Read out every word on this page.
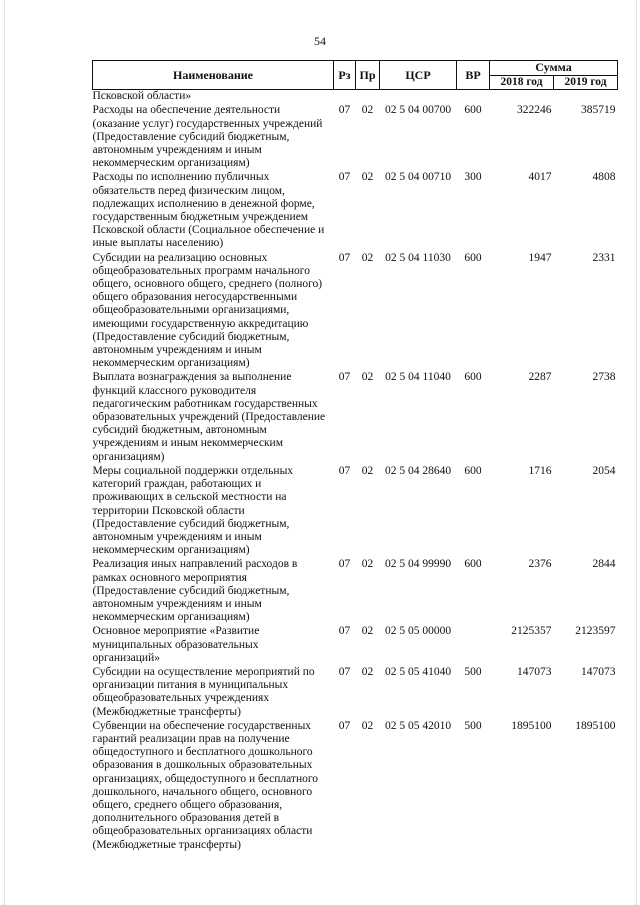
54
Наименование	Рз	Пр	ЦСР	ВР	Сумма	
					2018 год	2019 год
Псковской области»						
Расходы на обеспечение деятельности (оказание услуг) государственных учреждений (Предоставление субсидий бюджетным, автономным учреждениям и иным некоммерческим организациям)	07	02	02 5 04 00700	600	322246	385719
Расходы по исполнению публичных обязательств перед физическим лицом, подлежащих исполнению в денежной форме, государственным бюджетным учреждением Псковской области (Социальное обеспечение и иные выплаты населению)	07	02	02 5 04 00710	300	4017	4808
Субсидии на реализацию основных общеобразовательных программ начального общего, основного общего, среднего (полного) общего образования негосударственными общеобразовательными организациями, имеющими государственную аккредитацию (Предоставление субсидий бюджетным, автономным учреждениям и иным некоммерческим организациям)	07	02	02 5 04 11030	600	1947	2331
Выплата вознаграждения за выполнение функций классного руководителя педагогическим работникам государственных образовательных учреждений (Предоставление субсидий бюджетным, автономным учреждениям и иным некоммерческим организациям)	07	02	02 5 04 11040	600	2287	2738
Меры социальной поддержки отдельных категорий граждан, работающих и проживающих в сельской местности на территории Псковской области (Предоставление субсидий бюджетным, автономным учреждениям и иным некоммерческим организациям)	07	02	02 5 04 28640	600	1716	2054
Реализация иных направлений расходов в рамках основного мероприятия (Предоставление субсидий бюджетным, автономным учреждениям и иным некоммерческим организациям)	07	02	02 5 04 99990	600	2376	2844
Основное мероприятие «Развитие муниципальных образовательных организаций»	07	02	02 5 05 00000		2125357	2123597
Субсидии на осуществление мероприятий по организации питания в муниципальных общеобразовательных учреждениях (Межбюджетные трансферты)	07	02	02 5 05 41040	500	147073	147073
Субвенции на обеспечение государственных гарантий реализации прав на получение общедоступного и бесплатного дошкольного образования в дошкольных образовательных организациях, общедоступного и бесплатного дошкольного, начального общего, основного общего, среднего общего образования, дополнительного образования детей в общеобразовательных организациях области (Межбюджетные трансферты)	07	02	02 5 05 42010	500	1895100	1895100
